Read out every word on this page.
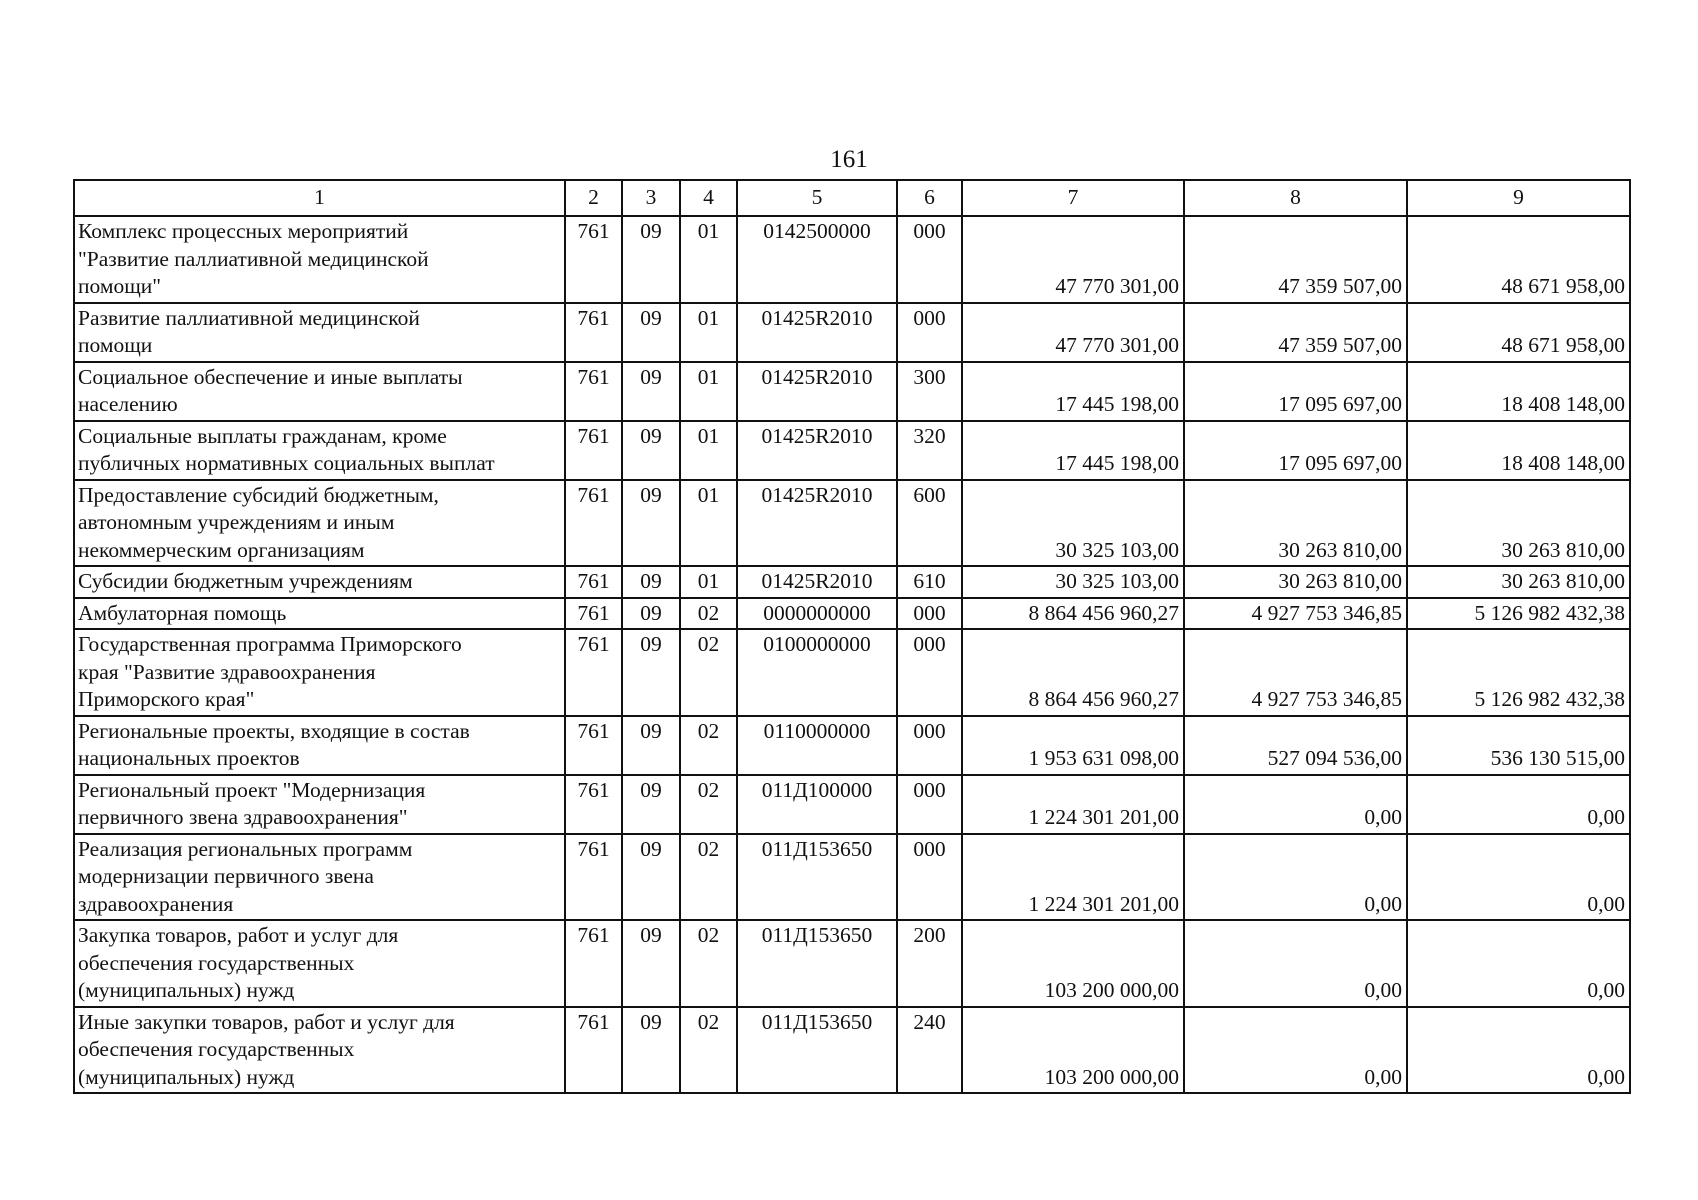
161
1	2	3	4	5	6	7	8	9

Комплекс процессных мероприятий
"Развитие паллиативной медицинской
помощи"	761	09	01	0142500000	000	47 770 301,00	47 359 507,00	48 671 958,00

Развитие паллиативной медицинской
помощи	761	09	01	01425R2010	000	47 770 301,00	47 359 507,00	48 671 958,00

Социальное обеспечение и иные выплаты
населению	761	09	01	01425R2010	300	17 445 198,00	17 095 697,00	18 408 148,00

Социальные выплаты гражданам, кроме
публичных нормативных социальных выплат	761	09	01	01425R2010	320	17 445 198,00	17 095 697,00	18 408 148,00

Предоставление субсидий бюджетным,
автономным учреждениям и иным
некоммерческим организациям	761	09	01	01425R2010	600	30 325 103,00	30 263 810,00	30 263 810,00

Субсидии бюджетным учреждениям	761	09	01	01425R2010	610	30 325 103,00	30 263 810,00	30 263 810,00

Амбулаторная помощь	761	09	02	0000000000	000	8 864 456 960,27	4 927 753 346,85	5 126 982 432,38

Государственная программа Приморского
края "Развитие здравоохранения
Приморского края"	761	09	02	0100000000	000	8 864 456 960,27	4 927 753 346,85	5 126 982 432,38

Региональные проекты, входящие в состав
национальных проектов	761	09	02	0110000000	000	1 953 631 098,00	527 094 536,00	536 130 515,00

Региональный проект "Модернизация
первичного звена здравоохранения"	761	09	02	011Д100000	000	1 224 301 201,00	0,00	0,00

Реализация региональных программ
модернизации первичного звена
здравоохранения	761	09	02	011Д153650	000	1 224 301 201,00	0,00	0,00

Закупка товаров, работ и услуг для
обеспечения государственных
(муниципальных) нужд	761	09	02	011Д153650	200	103 200 000,00	0,00	0,00

Иные закупки товаров, работ и услуг для
обеспечения государственных
(муниципальных) нужд	761	09	02	011Д153650	240	103 200 000,00	0,00	0,00
